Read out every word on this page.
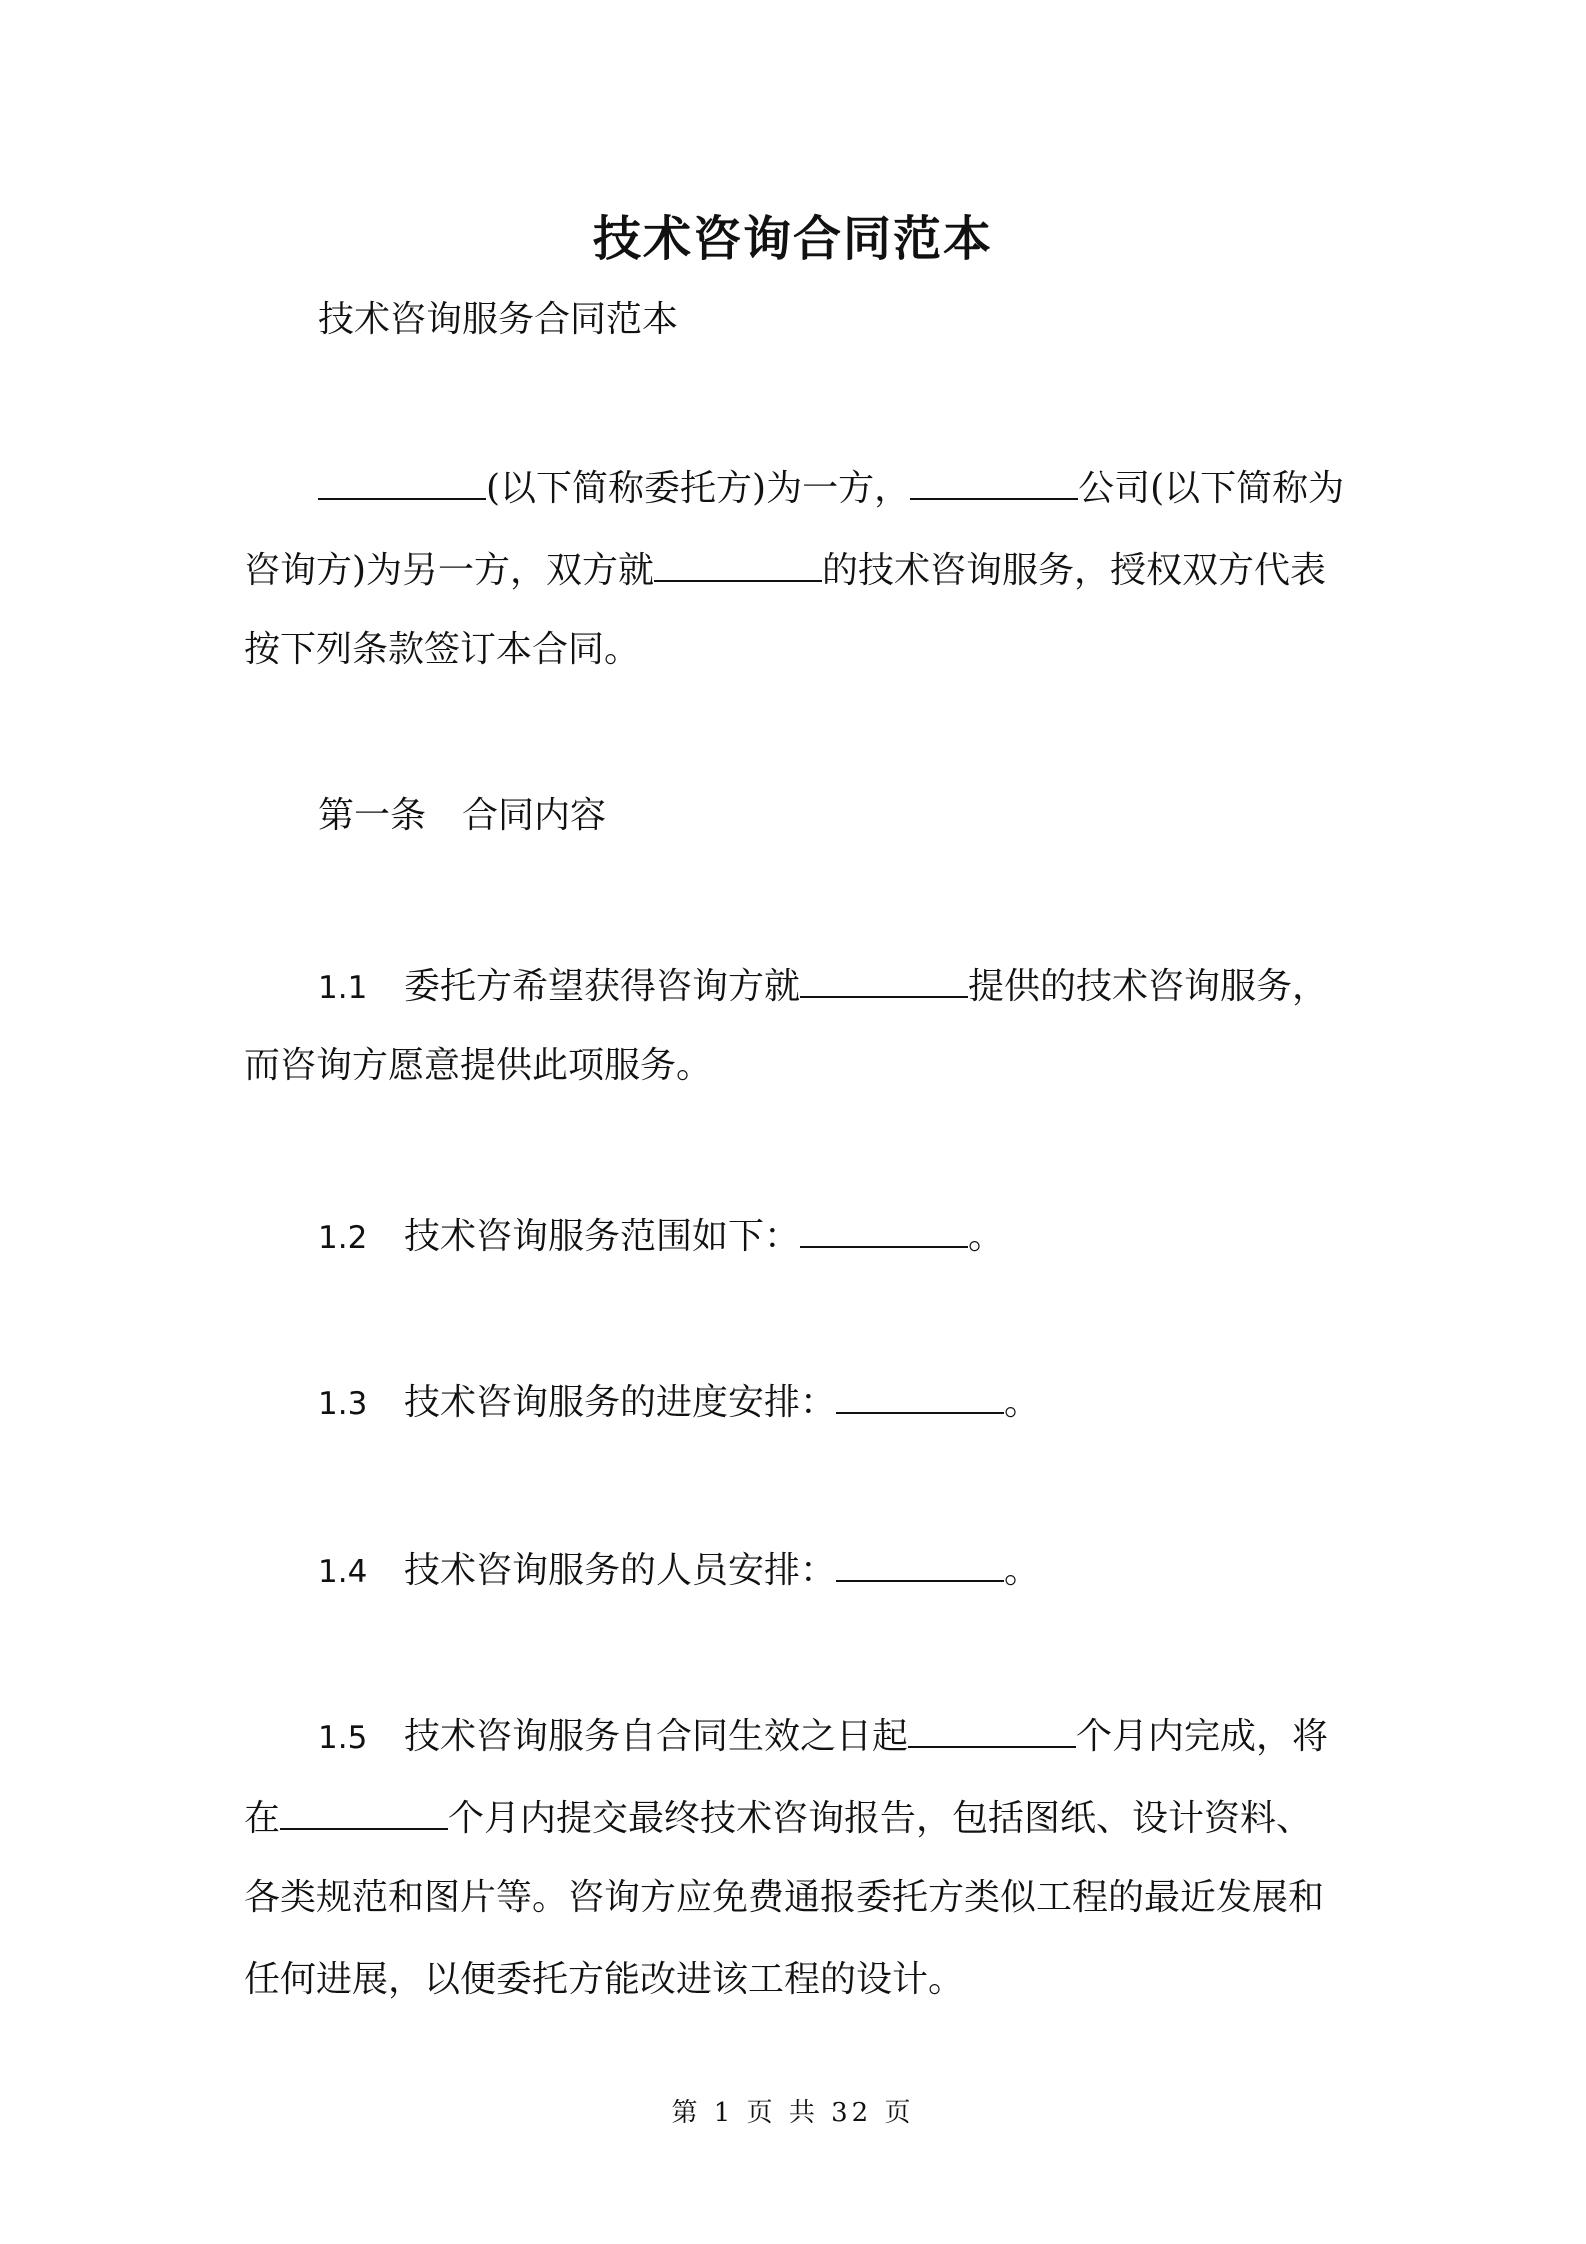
技术咨询合同范本
技术咨询服务合同范本
(以下简称委托方)为一方，	公司(以下简称为
咨询方)为另一方，双方就	的技术咨询服务，授权双方代表
按下列条款签订本合同。
第一条　合同内容
1.1 委托方希望获得咨询方就	提供的技术咨询服务，
而咨询方愿意提供此项服务。
1.2 技术咨询服务范围如下：	。
1.3 技术咨询服务的进度安排：	。
1.4 技术咨询服务的人员安排：	。
1.5 技术咨询服务自合同生效之日起	个月内完成，将
在	个月内提交最终技术咨询报告，包括图纸、设计资料、
各类规范和图片等。咨询方应免费通报委托方类似工程的最近发展和
任何进展，以便委托方能改进该工程的设计。
第 1 页 共 32 页
